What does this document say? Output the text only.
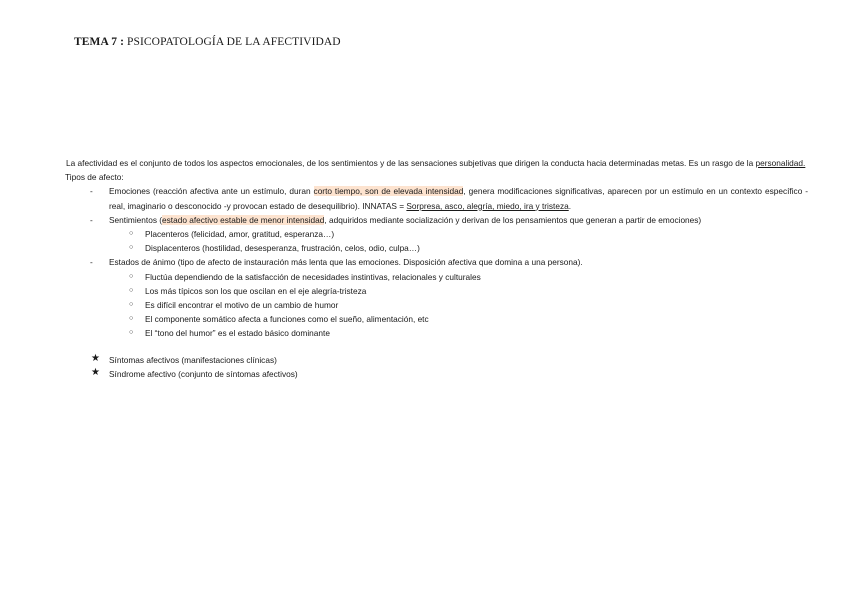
TEMA 7 : PSICOPATOLOGÍA DE LA AFECTIVIDAD

La afectividad es el conjunto de todos los aspectos emocionales, de los sentimientos y de las sensaciones subjetivas que dirigen la conducta hacia determinadas metas. Es un rasgo de la personalidad.

Tipos de afecto:

- Emociones (reacción afectiva ante un estímulo, duran corto tiempo, son de elevada intensidad, genera modificaciones significativas, aparecen por un estímulo en un contexto específico - real, imaginario o desconocido -y provocan estado de desequilibrio). INNATAS = Sorpresa, asco, alegría, miedo, ira y tristeza.
- Sentimientos (estado afectivo estable de menor intensidad, adquiridos mediante socialización y derivan de los pensamientos que generan a partir de emociones)
○ Placenteros (felicidad, amor, gratitud, esperanza…)
○ Displacenteros (hostilidad, desesperanza, frustración, celos, odio, culpa…)
- Estados de ánimo (tipo de afecto de instauración más lenta que las emociones. Disposición afectiva que domina a una persona).
○ Fluctúa dependiendo de la satisfacción de necesidades instintivas, relacionales y culturales
○ Los más típicos son los que oscilan en el eje alegría-tristeza
○ Es difícil encontrar el motivo de un cambio de humor
○ El componente somático afecta a funciones como el sueño, alimentación, etc
○ El “tono del humor” es el estado básico dominante
★ Síntomas afectivos (manifestaciones clínicas)
★ Síndrome afectivo (conjunto de síntomas afectivos)
